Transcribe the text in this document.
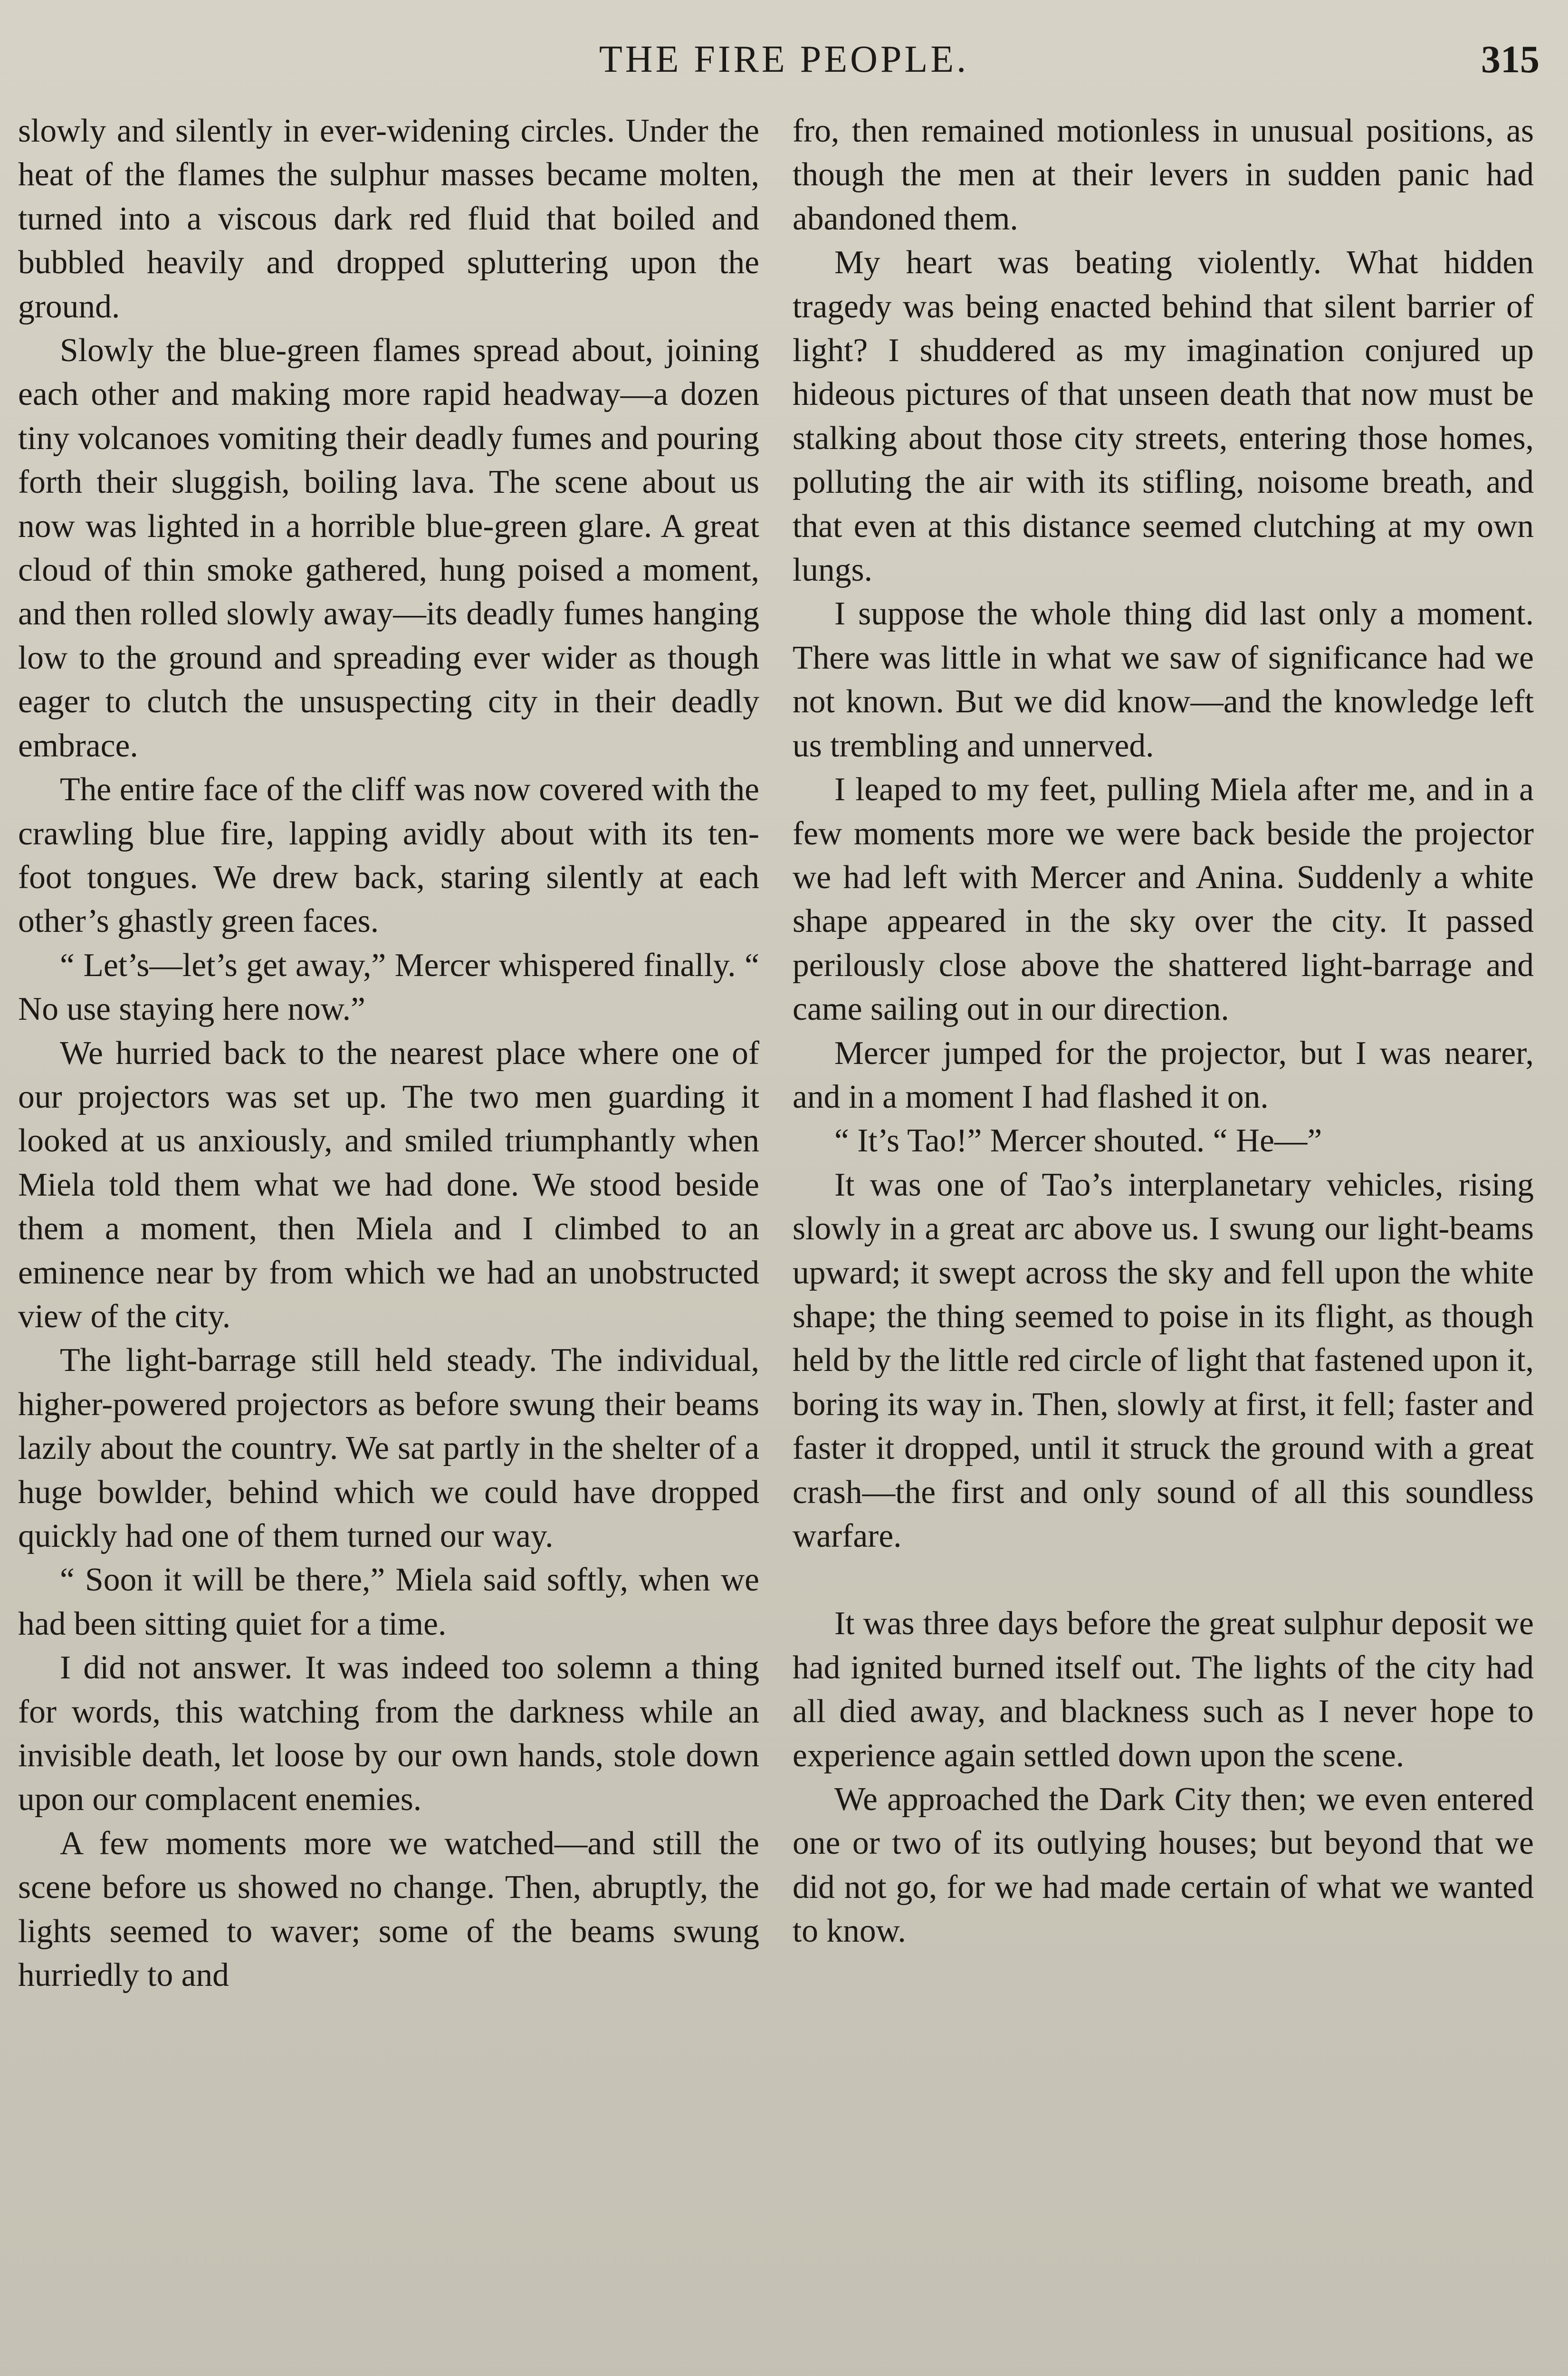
THE FIRE PEOPLE.	315

slowly and silently in ever-widening circles. Under the heat of the flames the sulphur masses became molten, turned into a viscous dark red fluid that boiled and bubbled heavily and dropped spluttering upon the ground.

Slowly the blue-green flames spread about, joining each other and making more rapid headway—a dozen tiny volcanoes vomiting their deadly fumes and pouring forth their sluggish, boiling lava. The scene about us now was lighted in a horrible blue-green glare. A great cloud of thin smoke gathered, hung poised a moment, and then rolled slowly away—its deadly fumes hanging low to the ground and spreading ever wider as though eager to clutch the unsuspecting city in their deadly embrace.

The entire face of the cliff was now covered with the crawling blue fire, lapping avidly about with its ten-foot tongues. We drew back, staring silently at each other’s ghastly green faces.

“ Let’s—let’s get away,” Mercer whispered finally. “ No use staying here now.”

We hurried back to the nearest place where one of our projectors was set up. The two men guarding it looked at us anxiously, and smiled triumphantly when Miela told them what we had done. We stood beside them a moment, then Miela and I climbed to an eminence near by from which we had an unobstructed view of the city.

The light-barrage still held steady. The individual, higher-powered projectors as before swung their beams lazily about the country. We sat partly in the shelter of a huge bowlder, behind which we could have dropped quickly had one of them turned our way.

“ Soon it will be there,” Miela said softly, when we had been sitting quiet for a time.

I did not answer. It was indeed too solemn a thing for words, this watching from the darkness while an invisible death, let loose by our own hands, stole down upon our complacent enemies.

A few moments more we watched—and still the scene before us showed no change. Then, abruptly, the lights seemed to waver; some of the beams swung hurriedly to and

fro, then remained motionless in unusual positions, as though the men at their levers in sudden panic had abandoned them.

My heart was beating violently. What hidden tragedy was being enacted behind that silent barrier of light? I shuddered as my imagination conjured up hideous pictures of that unseen death that now must be stalking about those city streets, entering those homes, polluting the air with its stifling, noisome breath, and that even at this distance seemed clutching at my own lungs.

I suppose the whole thing did last only a moment. There was little in what we saw of significance had we not known. But we did know—and the knowledge left us trembling and unnerved.

I leaped to my feet, pulling Miela after me, and in a few moments more we were back beside the projector we had left with Mercer and Anina. Suddenly a white shape appeared in the sky over the city. It passed perilously close above the shattered light-barrage and came sailing out in our direction.

Mercer jumped for the projector, but I was nearer, and in a moment I had flashed it on.

“ It’s Tao!” Mercer shouted. “ He—”

It was one of Tao’s interplanetary vehicles, rising slowly in a great arc above us. I swung our light-beams upward; it swept across the sky and fell upon the white shape; the thing seemed to poise in its flight, as though held by the little red circle of light that fastened upon it, boring its way in. Then, slowly at first, it fell; faster and faster it dropped, until it struck the ground with a great crash—the first and only sound of all this soundless warfare.

It was three days before the great sulphur deposit we had ignited burned itself out. The lights of the city had all died away, and blackness such as I never hope to experience again settled down upon the scene.

We approached the Dark City then; we even entered one or two of its outlying houses; but beyond that we did not go, for we had made certain of what we wanted to know.
